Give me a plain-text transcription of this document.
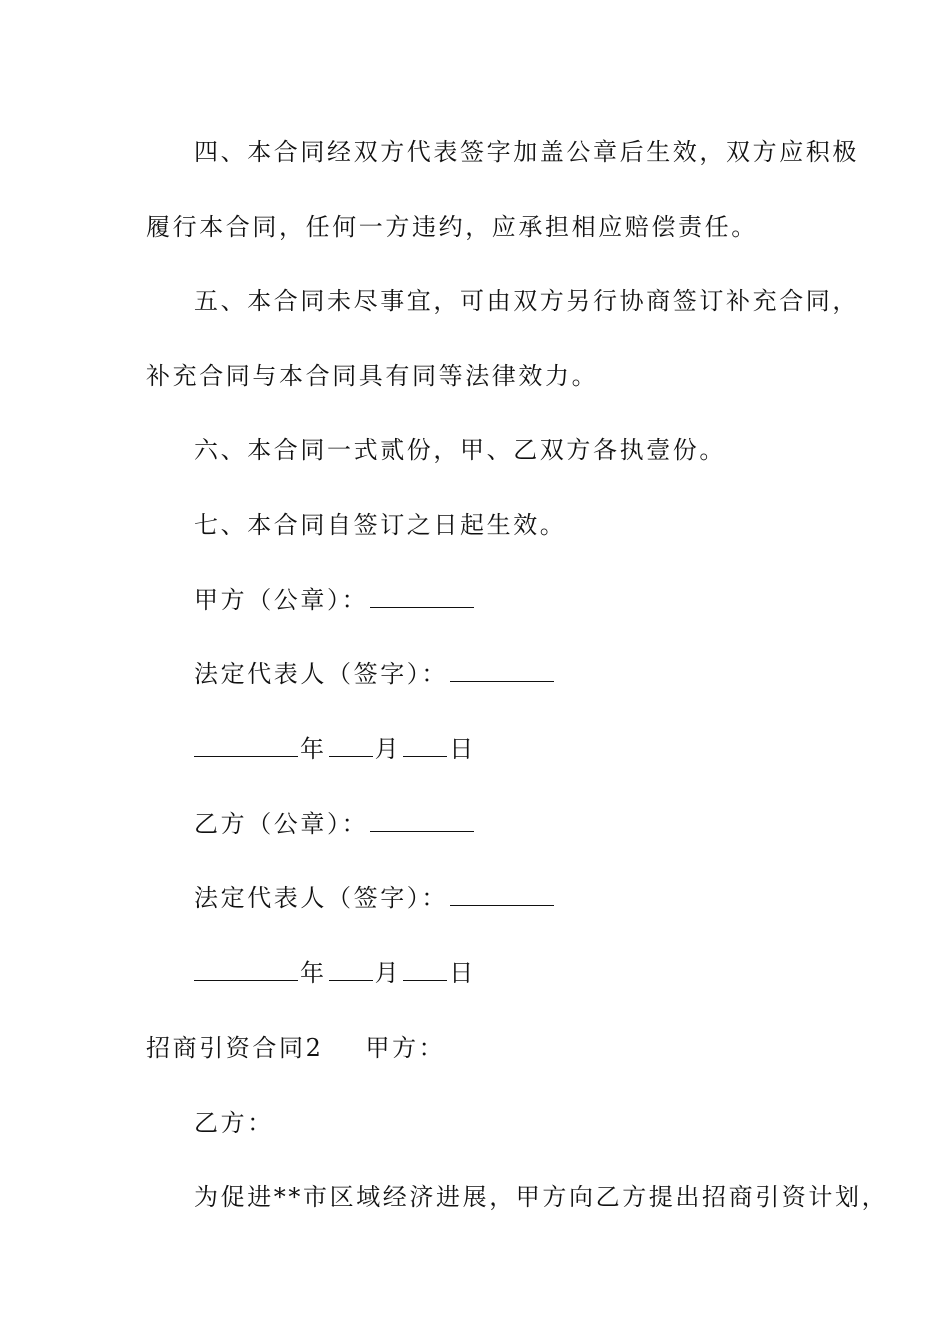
四、本合同经双方代表签字加盖公章后生效，双方应积极
履行本合同，任何一方违约，应承担相应赔偿责任。
五、本合同未尽事宜，可由双方另行协商签订补充合同，
补充合同与本合同具有同等法律效力。
六、本合同一式贰份，甲、乙双方各执壹份。
七、本合同自签订之日起生效。
甲方（公章）：
法定代表人（签字）：
年 月 日
乙方（公章）：
法定代表人（签字）：
年 月 日
招商引资合同2 甲方：
乙方：
为促进**市区域经济进展，甲方向乙方提出招商引资计划，
